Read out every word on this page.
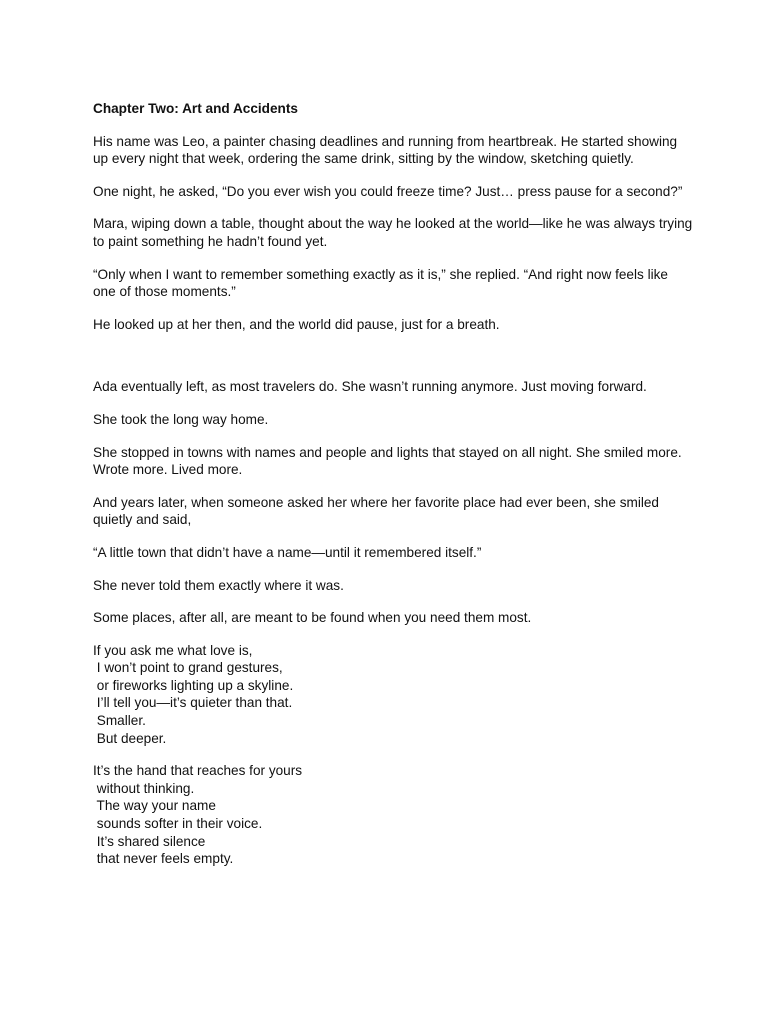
Chapter Two: Art and Accidents

His name was Leo, a painter chasing deadlines and running from heartbreak. He started showing up every night that week, ordering the same drink, sitting by the window, sketching quietly.

One night, he asked, “Do you ever wish you could freeze time? Just… press pause for a second?”

Mara, wiping down a table, thought about the way he looked at the world—like he was always trying to paint something he hadn’t found yet.

“Only when I want to remember something exactly as it is,” she replied. “And right now feels like one of those moments.”

He looked up at her then, and the world did pause, just for a breath.

Ada eventually left, as most travelers do. She wasn’t running anymore. Just moving forward.

She took the long way home.

She stopped in towns with names and people and lights that stayed on all night. She smiled more. Wrote more. Lived more.

And years later, when someone asked her where her favorite place had ever been, she smiled quietly and said,

“A little town that didn’t have a name—until it remembered itself.”

She never told them exactly where it was.

Some places, after all, are meant to be found when you need them most.

If you ask me what love is,
I won’t point to grand gestures,
or fireworks lighting up a skyline.
I’ll tell you—it’s quieter than that.
Smaller.
But deeper.
It’s the hand that reaches for yours
without thinking.
The way your name
sounds softer in their voice.
It’s shared silence
that never feels empty.
